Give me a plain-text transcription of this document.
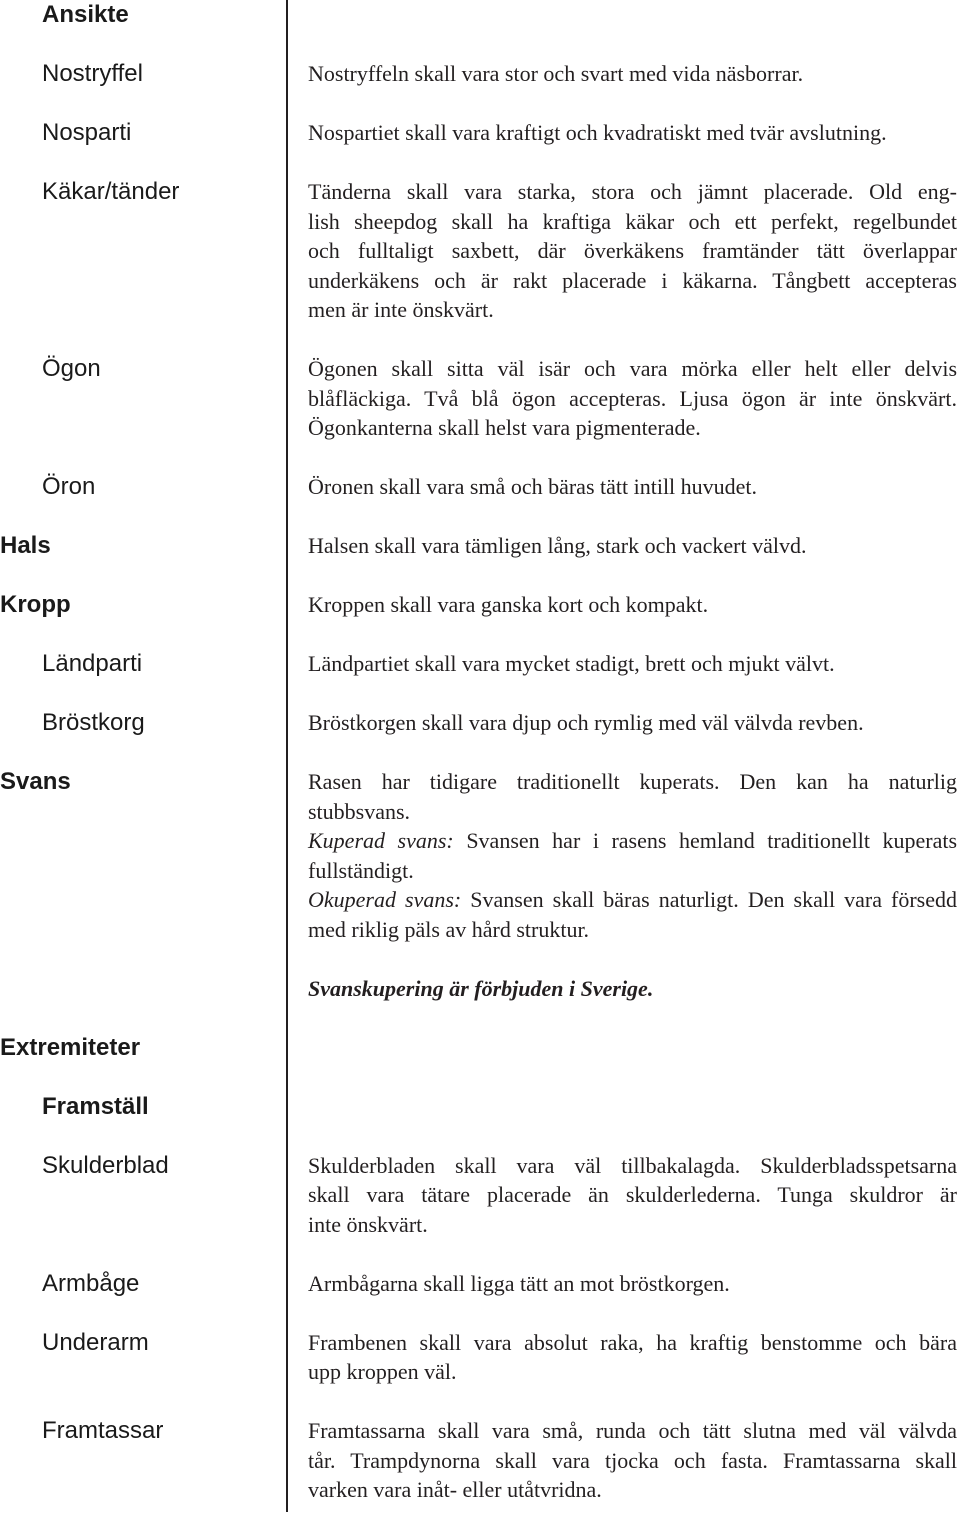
Ansikte
Nostryffel	Nostryffeln skall vara stor och svart med vida näsborrar.
Nosparti	Nospartiet skall vara kraftigt och kvadratiskt med tvär avslutning.
Käkar/tänder	Tänderna skall vara starka, stora och jämnt placerade. Old eng-
lish sheepdog skall ha kraftiga käkar och ett perfekt, regelbundet
och fulltaligt saxbett, där överkäkens framtänder tätt överlappar
underkäkens och är rakt placerade i käkarna. Tångbett accepteras
men är inte önskvärt.
Ögon	Ögonen skall sitta väl isär och vara mörka eller helt eller delvis
blåfläckiga. Två blå ögon accepteras. Ljusa ögon är inte önskvärt.
Ögonkanterna skall helst vara pigmenterade.
Öron	Öronen skall vara små och bäras tätt intill huvudet.
Hals	Halsen skall vara tämligen lång, stark och vackert välvd.
Kropp	Kroppen skall vara ganska kort och kompakt.
Ländparti	Ländpartiet skall vara mycket stadigt, brett och mjukt välvt.
Bröstkorg	Bröstkorgen skall vara djup och rymlig med väl välvda revben.
Svans	Rasen har tidigare traditionellt kuperats. Den kan ha naturlig
stubbsvans.
Kuperad svans: Svansen har i rasens hemland traditionellt kuperats
fullständigt.
Okuperad svans: Svansen skall bäras naturligt. Den skall vara försedd
med riklig päls av hård struktur.
Svanskupering är förbjuden i Sverige.
Extremiteter
Framställ
Skulderblad	Skulderbladen skall vara väl tillbakalagda. Skulderbladsspetsarna
skall vara tätare placerade än skulderlederna. Tunga skuldror är
inte önskvärt.
Armbåge	Armbågarna skall ligga tätt an mot bröstkorgen.
Underarm	Frambenen skall vara absolut raka, ha kraftig benstomme och bära
upp kroppen väl.
Framtassar	Framtassarna skall vara små, runda och tätt slutna med väl välvda
tår. Trampdynorna skall vara tjocka och fasta. Framtassarna skall
varken vara inåt- eller utåtvridna.
